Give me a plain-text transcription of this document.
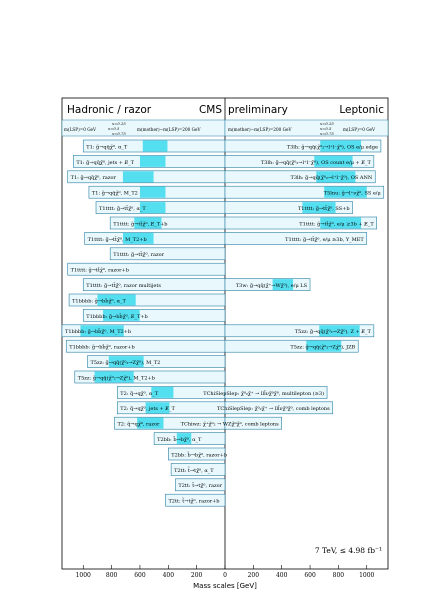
Hadronic / razor	CMS preliminary	Leptonic
m(LSP)=0 GeV
x=0.25
x=0.5
x=0.75
m(mother)−m(LSP)=200 GeV	m(mother)−m(LSP)=200 GeV
x=0.25
x=0.5
x=0.75
m(LSP)=0 GeV
T1: g̃→qq̄χ̃⁰, α_T
T1: g̃→qq̄χ̃⁰, jets + E̸_T
T1: g̃→qq̄χ̃⁰, razor
T1: g̃→qq̄χ̃⁰, M_T2
T1tttt: g̃→tt̄χ̃⁰, α_T
T1tttt: g̃→tt̄χ̃⁰, E̸_T+b
T1tttt: g̃→tt̄χ̃⁰, M_T2+b
T1tttt: g̃→tt̄χ̃⁰, razor
T1tttt: g̃→tt̄χ̃⁰, razor+b
T1tttt: g̃→tt̄χ̃⁰, razor multijets
T1bbbb: g̃→bb̄χ̃⁰, α_T
T1bbbb: g̃→bb̄χ̃⁰, E̸_T+b
T1bbbb: g̃→bb̄χ̃⁰, M_T2+b
T1bbbb: g̃→bb̄χ̃⁰, razor+b
T5zz: g̃→qq̄(χ̃⁰₂→Zχ̃⁰), M_T2
T5zz: g̃→qq̄(χ̃⁰₂→Zχ̃⁰), M_T2+b
T2: q̃→qχ̃⁰, α_T
T2: q̃→qχ̃⁰, jets + E̸_T
T2: q̃→qχ̃⁰, razor
T2bb: b̃→bχ̃⁰, α_T
T2bb: b̃→bχ̃⁰, razor+b
T2tt: t̃→tχ̃⁰, α_T
T2tt: t̃→tχ̃⁰, razor
T2tt: t̃→tχ̃⁰, razor+b
T3lh: g̃→qq̄(χ̃⁰₂→l⁺l⁻χ̃⁰), OS e/μ edge
T3lh: g̃→qq̄(χ̃⁰₂→l⁺l⁻χ̃⁰), OS count e/μ + E̸_T
T3lh: g̃→qq̄(χ̃⁰₂→l⁺l⁻χ̃⁰), OS ANN
T5lnu: g̃→l⁺νχ̃⁰, SS e/μ
T1tttt: g̃→tt̄χ̃⁰, SS+b
T1tttt: g̃→tt̄χ̃⁰, e/μ ≥3b + E̸_T
T1tttt: g̃→tt̄χ̃⁰, e/μ ≥3b, Y_MET
T3w: g̃→qq̄(χ̃⁺→Wχ̃⁰), e/μ LS
T5zz: g̃→qq̄(χ̃⁰₂→Zχ̃⁰), Z + E̸_T
T5zz: g̃→qq̄(χ̃⁰₂→Zχ̃⁰), JZB
TChiSlepSlep: χ̃⁰₂χ̃⁺ → lll̄νχ̃⁰χ̃⁰, multilepton (≥3)
TChiSlepSlep: χ̃⁰₂χ̃⁺ → lll̄νχ̃⁰χ̃⁰, comb leptons
TChiwz: χ̃⁺χ̃⁰₂ → WZχ̃⁰χ̃⁰, comb leptons
1000 800	600	400	200	0	200	400	600	800 1000
7 TeV, ≤ 4.98 fb⁻¹
Mass scales [GeV]
